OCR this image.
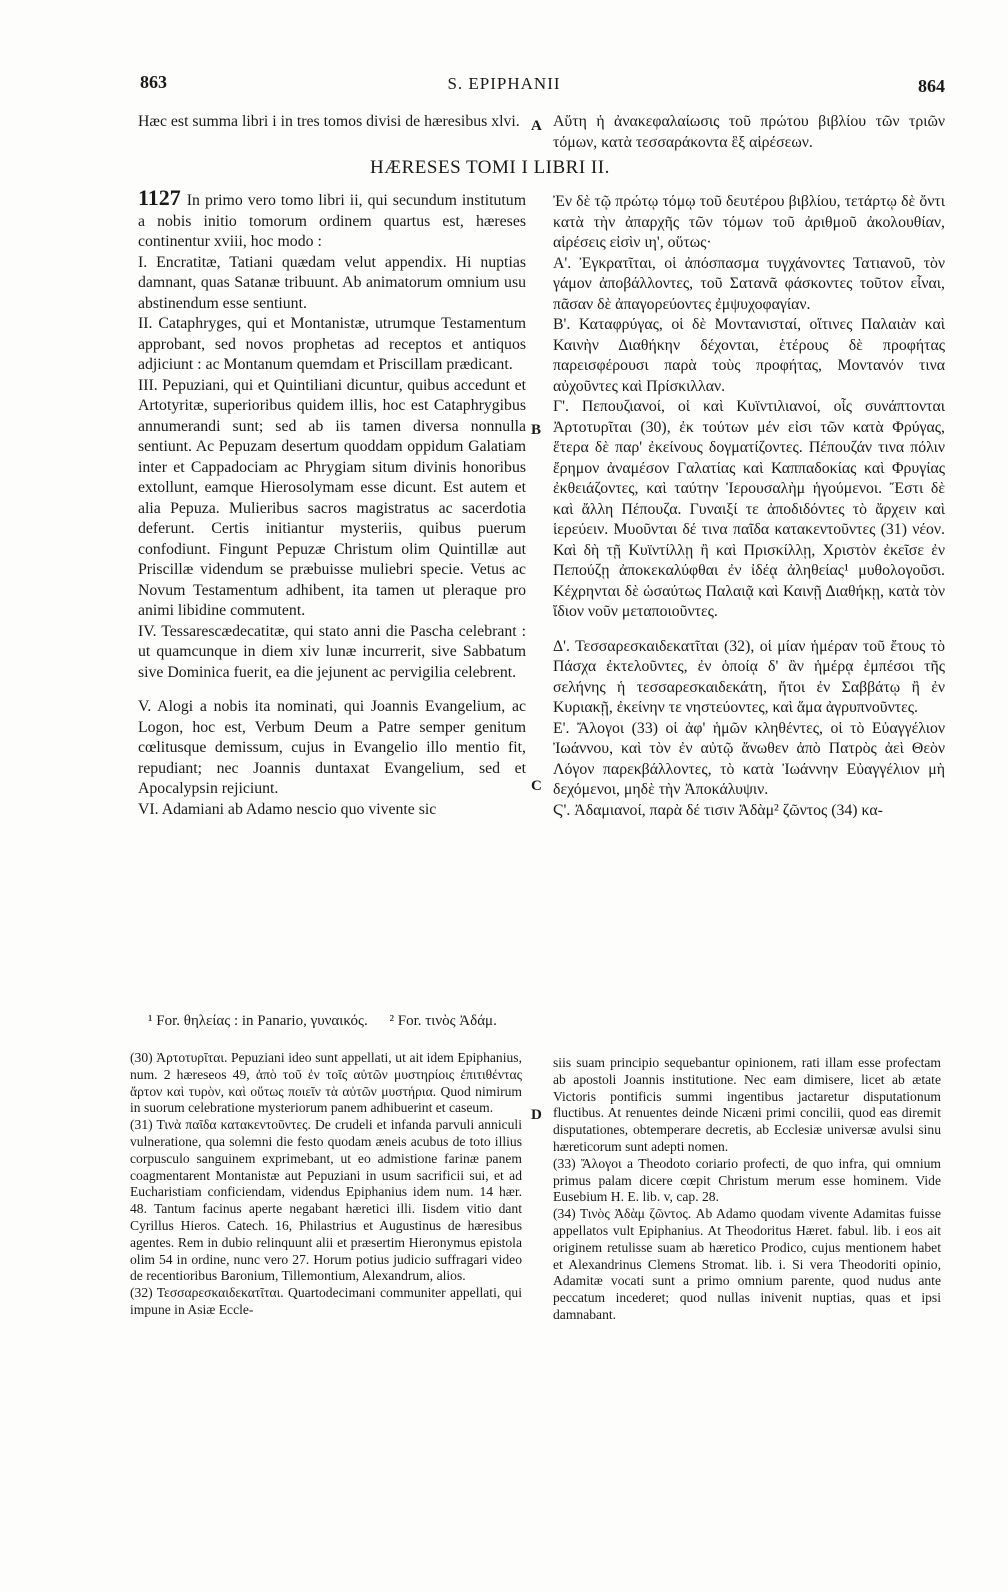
863	S. EPIPHANII	864

Hæc est summa libri i in tres tomos divisi de hæresibus xlvi.	Αὕτη ἡ ἀνακεφαλαίωσις τοῦ πρώτου βιβλίου τῶν τριῶν τόμων, κατὰ τεσσαράκοντα ἓξ αἱρέσεων.

HÆRESES TOMI I LIBRI II.
A
B
C
D

1127 In primo vero tomo libri ii, qui secundum institutum a nobis initio tomorum ordinem quartus est, hæreses continentur xviii, hoc modo :

I. Encratitæ, Tatiani quædam velut appendix. Hi nuptias damnant, quas Satanæ tribuunt. Ab animatorum omnium usu abstinendum esse sentiunt.

II. Cataphryges, qui et Montanistæ, utrumque Testamentum approbant, sed novos prophetas ad receptos et antiquos adjiciunt : ac Montanum quemdam et Priscillam prædicant.

III. Pepuziani, qui et Quintiliani dicuntur, quibus accedunt et Artotyritæ, superioribus quidem illis, hoc est Cataphrygibus annumerandi sunt; sed ab iis tamen diversa nonnulla sentiunt. Ac Pepuzam desertum quoddam oppidum Galatiam inter et Cappadociam ac Phrygiam situm divinis honoribus extollunt, eamque Hierosolymam esse dicunt. Est autem et alia Pepuza. Mulieribus sacros magistratus ac sacerdotia deferunt. Certis initiantur mysteriis, quibus puerum confodiunt. Fingunt Pepuzæ Christum olim Quintillæ aut Priscillæ videndum se præbuisse muliebri specie. Vetus ac Novum Testamentum adhibent, ita tamen ut pleraque pro animi libidine commutent.

IV. Tessarescædecatitæ, qui stato anni die Pascha celebrant : ut quamcunque in diem xiv lunæ incurrerit, sive Sabbatum sive Dominica fuerit, ea die jejunent ac pervigilia celebrent.

V. Alogi a nobis ita nominati, qui Joannis Evangelium, ac Logon, hoc est, Verbum Deum a Patre semper genitum cœlitusque demissum, cujus in Evangelio illo mentio fit, repudiant; nec Joannis duntaxat Evangelium, sed et Apocalypsin rejiciunt.

VI. Adamiani ab Adamo nescio quo vivente sic

Ἐν δὲ τῷ πρώτῳ τόμῳ τοῦ δευτέρου βιβλίου, τετάρτῳ δὲ ὄντι κατὰ τὴν ἀπαρχῆς τῶν τόμων τοῦ ἀριθμοῦ ἀκολουθίαν, αἱρέσεις εἰσὶν ιη', οὕτως·

Α'. Ἐγκρατῖται, οἱ ἀπόσπασμα τυγχάνοντες Τατιανοῦ, τὸν γάμον ἀποβάλλοντες, τοῦ Σατανᾶ φάσκοντες τοῦτον εἶναι, πᾶσαν δὲ ἀπαγορεύοντες ἐμψυχοφαγίαν.

Β'. Καταφρύγας, οἱ δὲ Μοντανισταί, οἵτινες Παλαιὰν καὶ Καινὴν Διαθήκην δέχονται, ἑτέρους δὲ προφήτας παρεισφέρουσι παρὰ τοὺς προφήτας, Μοντανόν τινα αὐχοῦντες καὶ Πρίσκιλλαν.

Γ'. Πεπουζιανοί, οἱ καὶ Κυϊντιλιανοί, οἷς συνάπτονται Ἀρτοτυρῖται (30), ἐκ τούτων μέν εἰσι τῶν κατὰ Φρύγας, ἕτερα δὲ παρ' ἐκείνους δογματίζοντες. Πέπουζάν τινα πόλιν ἔρημον ἀναμέσον Γαλατίας καὶ Καππαδοκίας καὶ Φρυγίας ἐκθειάζοντες, καὶ ταύτην Ἱερουσαλὴμ ἡγούμενοι. Ἔστι δὲ καὶ ἄλλη Πέπουζα. Γυναιξί τε ἀποδιδόντες τὸ ἄρχειν καὶ ἱερεύειν. Μυοῦνται δέ τινα παῖδα κατακεντοῦντες (31) νέον. Καὶ δὴ τῇ Κυϊντίλλῃ ἢ καὶ Πρισκίλλῃ, Χριστὸν ἐκεῖσε ἐν Πεπούζῃ ἀποκεκαλύφθαι ἐν ἰδέᾳ ἀληθείας¹ μυθολογοῦσι. Κέχρηνται δὲ ὡσαύτως Παλαιᾷ καὶ Καινῇ Διαθήκῃ, κατὰ τὸν ἴδιον νοῦν μεταποιοῦντες.

Δ'. Τεσσαρεσκαιδεκατῖται (32), οἱ μίαν ἡμέραν τοῦ ἔτους τὸ Πάσχα ἐκτελοῦντες, ἐν ὁποίᾳ δ' ἂν ἡμέρᾳ ἐμπέσοι τῆς σελήνης ἡ τεσσαρεσκαιδεκάτη, ἤτοι ἐν Σαββάτῳ ἢ ἐν Κυριακῇ, ἐκείνην τε νηστεύοντες, καὶ ἅμα ἀγρυπνοῦντες.

Ε'. Ἄλογοι (33) οἱ ἀφ' ἡμῶν κληθέντες, οἱ τὸ Εὐαγγέλιον Ἰωάννου, καὶ τὸν ἐν αὐτῷ ἄνωθεν ἀπὸ Πατρὸς ἀεὶ Θεὸν Λόγον παρεκβάλλοντες, τὸ κατὰ Ἰωάννην Εὐαγγέλιον μὴ δεχόμενοι, μηδὲ τὴν Ἀποκάλυψιν.

Ϛ'. Ἀδαμιανοί, παρὰ δέ τισιν Ἀδὰμ² ζῶντος (34) κα-

¹ For. θηλείας : in Panario, γυναικός. ² For. τινὸς Ἀδάμ.

(30) Ἀρτοτυρῖται. Pepuziani ideo sunt appellati, ut ait idem Epiphanius, num. 2 hæreseos 49, ἀπὸ τοῦ ἐν τοῖς αὐτῶν μυστηρίοις ἐπιτιθέντας ἄρτον καὶ τυρὸν, καὶ οὕτως ποιεῖν τὰ αὐτῶν μυστήρια. Quod nimirum in suorum celebratione mysteriorum panem adhibuerint et caseum.

(31) Τινὰ παῖδα κατακεντοῦντες. De crudeli et infanda parvuli anniculi vulneratione, qua solemni die festo quodam æneis acubus de toto illius corpusculo sanguinem exprimebant, ut eo admistione farinæ panem coagmentarent Montanistæ aut Pepuziani in usum sacrificii sui, et ad Eucharistiam conficiendam, videndus Epiphanius idem num. 14 hær. 48. Tantum facinus aperte negabant hæretici illi. Iisdem vitio dant Cyrillus Hieros. Catech. 16, Philastrius et Augustinus de hæresibus agentes. Rem in dubio relinquunt alii et præsertim Hieronymus epistola olim 54 in ordine, nunc vero 27. Horum potius judicio suffragari video de recentioribus Baronium, Tillemontium, Alexandrum, alios.

(32) Τεσσαρεσκαιδεκατῖται. Quartodecimani communiter appellati, qui impune in Asiæ Eccle-

siis suam principio sequebantur opinionem, rati illam esse profectam ab apostoli Joannis institutione. Nec eam dimisere, licet ab ætate Victoris pontificis summi ingentibus jactaretur disputationum fluctibus. At renuentes deinde Nicæni primi concilii, quod eas diremit disputationes, obtemperare decretis, ab Ecclesiæ universæ avulsi sinu hæreticorum sunt adepti nomen.

(33) Ἄλογοι a Theodoto coriario profecti, de quo infra, qui omnium primus palam dicere cœpit Christum merum esse hominem. Vide Eusebium H. E. lib. v, cap. 28.

(34) Τινὸς Ἀδὰμ ζῶντος. Ab Adamo quodam vivente Adamitas fuisse appellatos vult Epiphanius. At Theodoritus Hæret. fabul. lib. i eos ait originem retulisse suam ab hæretico Prodico, cujus mentionem habet et Alexandrinus Clemens Stromat. lib. i. Si vera Theodoriti opinio, Adamitæ vocati sunt a primo omnium parente, quod nudus ante peccatum incederet; quod nullas inivenit nuptias, quas et ipsi damnabant.
